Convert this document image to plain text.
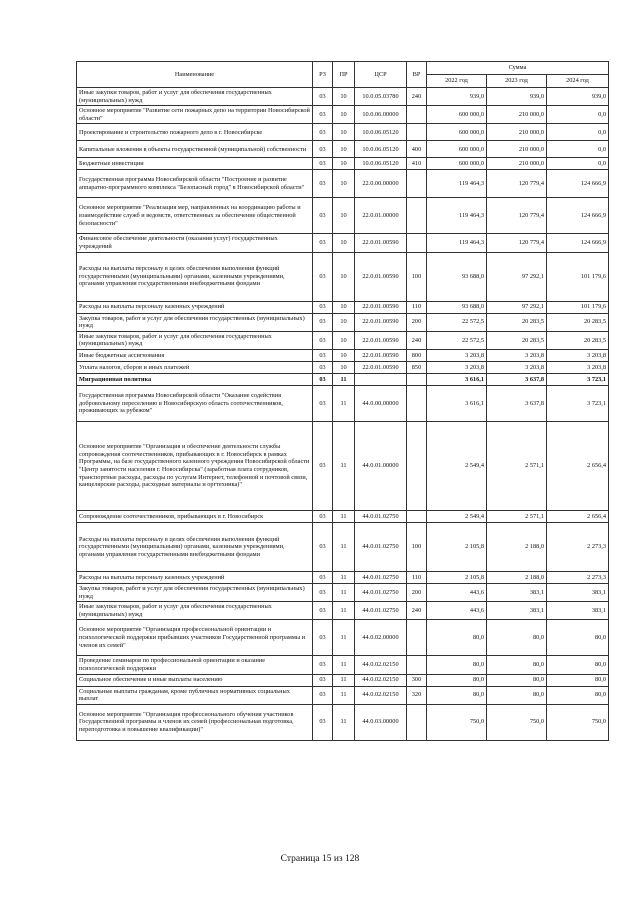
Наименование	РЗ	ПР	ЦСР	ВР	Сумма		
					2022 год	2023 год	2024 год
Иные закупки товаров, работ и услуг для обеспечения государственных (муниципальных) нужд	03	10	10.0.05.03780	240	939,0	939,0	939,0
Основное мероприятие "Развитие сети пожарных депо на территории Новосибирской области"	03	10	10.0.06.00000		600 000,0	210 000,0	0,0
Проектирование и строительство пожарного депо в г. Новосибирске	03	10	10.0.06.05120		600 000,0	210 000,0	0,0
Капитальные вложения в объекты государственной (муниципальной) собственности	03	10	10.0.06.05120	400	600 000,0	210 000,0	0,0
Бюджетные инвестиции	03	10	10.0.06.05120	410	600 000,0	210 000,0	0,0
Государственная программа Новосибирской области "Построение и развитие аппаратно-программного комплекса "Безопасный город" в Новосибирской области"	03	10	22.0.00.00000		119 464,3	120 779,4	124 666,9
Основное мероприятие "Реализация мер, направленных на координацию работы и взаимодействие служб и ведомств, ответственных за обеспечение общественной безопасности"	03	10	22.0.01.00000		119 464,3	120 779,4	124 666,9
Финансовое обеспечение деятельности (оказания услуг) государственных учреждений	03	10	22.0.01.00590		119 464,3	120 779,4	124 666,9
Расходы на выплаты персоналу в целях обеспечения выполнения функций государственными (муниципальными) органами, казенными учреждениями, органами управления государственными внебюджетными фондами	03	10	22.0.01.00590	100	93 688,0	97 292,1	101 179,6
Расходы на выплаты персоналу казенных учреждений	03	10	22.0.01.00590	110	93 688,0	97 292,1	101 179,6
Закупка товаров, работ и услуг для обеспечения государственных (муниципальных) нужд	03	10	22.0.01.00590	200	22 572,5	20 283,5	20 283,5
Иные закупки товаров, работ и услуг для обеспечения государственных (муниципальных) нужд	03	10	22.0.01.00590	240	22 572,5	20 283,5	20 283,5
Иные бюджетные ассигнования	03	10	22.0.01.00590	800	3 203,8	3 203,8	3 203,8
Уплата налогов, сборов и иных платежей	03	10	22.0.01.00590	850	3 203,8	3 203,8	3 203,8
Миграционная политика	03	11			3 616,1	3 637,8	3 723,1
Государственная программа Новосибирской области "Оказание содействия добровольному переселению в Новосибирскую область соотечественников, проживающих за рубежом"	03	11	44.0.00.00000		3 616,1	3 637,8	3 723,1
Основное мероприятие "Организация и обеспечение деятельности службы сопровождения соотечественников, прибывающих в г. Новосибирск в рамках Программы, на базе государственного казенного учреждения Новосибирской области "Центр занятости населения г. Новосибирска" (заработная плата сотрудников, транспортные расходы, расходы по услугам Интернет, телефонной и почтовой связи, канцелярские расходы, расходные материалы и оргтехника)"	03	11	44.0.01.00000		2 549,4	2 571,1	2 656,4
Сопровождение соотечественников, прибывающих в г. Новосибирск	03	11	44.0.01.02750		2 549,4	2 571,1	2 656,4
Расходы на выплаты персоналу в целях обеспечения выполнения функций государственными (муниципальными) органами, казенными учреждениями, органами управления государственными внебюджетными фондами	03	11	44.0.01.02750	100	2 105,8	2 188,0	2 273,3
Расходы на выплаты персоналу казенных учреждений	03	11	44.0.01.02750	110	2 105,8	2 188,0	2 273,3
Закупка товаров, работ и услуг для обеспечения государственных (муниципальных) нужд	03	11	44.0.01.02750	200	443,6	383,1	383,1
Иные закупки товаров, работ и услуг для обеспечения государственных (муниципальных) нужд	03	11	44.0.01.02750	240	443,6	383,1	383,1
Основное мероприятие "Организация профессиональной ориентации и психологической поддержки прибывших участников Государственной программы и членов их семей"	03	11	44.0.02.00000		80,0	80,0	80,0
Проведение семинаров по профессиональной ориентации и оказание психологической поддержки	03	11	44.0.02.02150		80,0	80,0	80,0
Социальное обеспечение и иные выплаты населению	03	11	44.0.02.02150	300	80,0	80,0	80,0
Социальные выплаты гражданам, кроме публичных нормативных социальных выплат	03	11	44.0.02.02150	320	80,0	80,0	80,0
Основное мероприятие "Организация профессионального обучения участников Государственной программы и членов их семей (профессиональная подготовка, переподготовка и повышение квалификации)"	03	11	44.0.03.00000		750,0	750,0	750,0
Страница 15 из 128
